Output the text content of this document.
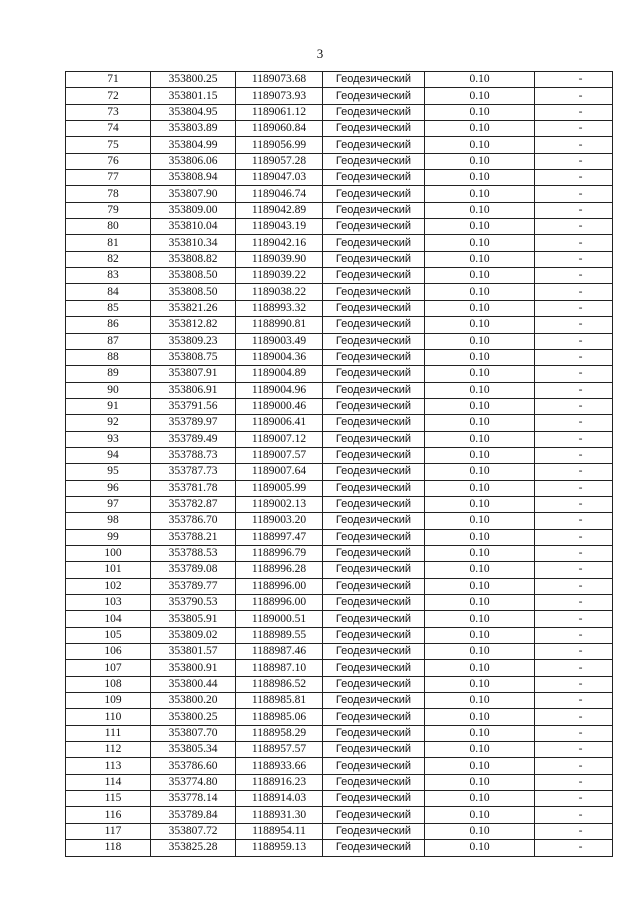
3
71	353800.25	1189073.68	Геодезический	0.10	-
72	353801.15	1189073.93	Геодезический	0.10	-
73	353804.95	1189061.12	Геодезический	0.10	-
74	353803.89	1189060.84	Геодезический	0.10	-
75	353804.99	1189056.99	Геодезический	0.10	-
76	353806.06	1189057.28	Геодезический	0.10	-
77	353808.94	1189047.03	Геодезический	0.10	-
78	353807.90	1189046.74	Геодезический	0.10	-
79	353809.00	1189042.89	Геодезический	0.10	-
80	353810.04	1189043.19	Геодезический	0.10	-
81	353810.34	1189042.16	Геодезический	0.10	-
82	353808.82	1189039.90	Геодезический	0.10	-
83	353808.50	1189039.22	Геодезический	0.10	-
84	353808.50	1189038.22	Геодезический	0.10	-
85	353821.26	1188993.32	Геодезический	0.10	-
86	353812.82	1188990.81	Геодезический	0.10	-
87	353809.23	1189003.49	Геодезический	0.10	-
88	353808.75	1189004.36	Геодезический	0.10	-
89	353807.91	1189004.89	Геодезический	0.10	-
90	353806.91	1189004.96	Геодезический	0.10	-
91	353791.56	1189000.46	Геодезический	0.10	-
92	353789.97	1189006.41	Геодезический	0.10	-
93	353789.49	1189007.12	Геодезический	0.10	-
94	353788.73	1189007.57	Геодезический	0.10	-
95	353787.73	1189007.64	Геодезический	0.10	-
96	353781.78	1189005.99	Геодезический	0.10	-
97	353782.87	1189002.13	Геодезический	0.10	-
98	353786.70	1189003.20	Геодезический	0.10	-
99	353788.21	1188997.47	Геодезический	0.10	-
100	353788.53	1188996.79	Геодезический	0.10	-
101	353789.08	1188996.28	Геодезический	0.10	-
102	353789.77	1188996.00	Геодезический	0.10	-
103	353790.53	1188996.00	Геодезический	0.10	-
104	353805.91	1189000.51	Геодезический	0.10	-
105	353809.02	1188989.55	Геодезический	0.10	-
106	353801.57	1188987.46	Геодезический	0.10	-
107	353800.91	1188987.10	Геодезический	0.10	-
108	353800.44	1188986.52	Геодезический	0.10	-
109	353800.20	1188985.81	Геодезический	0.10	-
110	353800.25	1188985.06	Геодезический	0.10	-
111	353807.70	1188958.29	Геодезический	0.10	-
112	353805.34	1188957.57	Геодезический	0.10	-
113	353786.60	1188933.66	Геодезический	0.10	-
114	353774.80	1188916.23	Геодезический	0.10	-
115	353778.14	1188914.03	Геодезический	0.10	-
116	353789.84	1188931.30	Геодезический	0.10	-
117	353807.72	1188954.11	Геодезический	0.10	-
118	353825.28	1188959.13	Геодезический	0.10	-
